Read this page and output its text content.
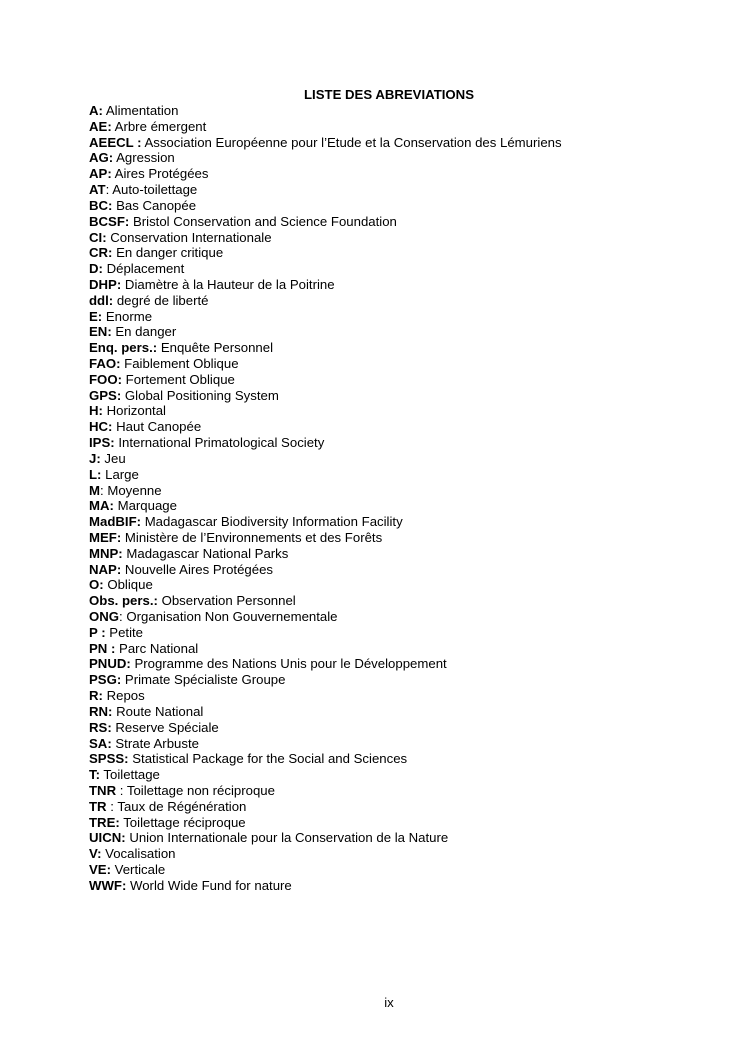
LISTE DES ABREVIATIONS
A: Alimentation
AE: Arbre émergent
AEECL : Association Européenne pour l’Etude et la Conservation des Lémuriens
AG: Agression
AP: Aires Protégées
AT: Auto-toilettage
BC: Bas Canopée
BCSF: Bristol Conservation and Science Foundation
CI: Conservation Internationale
CR: En danger critique
D: Déplacement
DHP: Diamètre à la Hauteur de la Poitrine
ddl: degré de liberté
E: Enorme
EN: En danger
Enq. pers.: Enquête Personnel
FAO: Faiblement Oblique
FOO: Fortement Oblique
GPS: Global Positioning System
H: Horizontal
HC: Haut Canopée
IPS: International Primatological Society
J: Jeu
L: Large
M: Moyenne
MA: Marquage
MadBIF: Madagascar Biodiversity Information Facility
MEF: Ministère de l’Environnements et des Forêts
MNP: Madagascar National Parks
NAP: Nouvelle Aires Protégées
O: Oblique
Obs. pers.: Observation Personnel
ONG: Organisation Non Gouvernementale
P : Petite
PN : Parc National
PNUD: Programme des Nations Unis pour le Développement
PSG: Primate Spécialiste Groupe
R: Repos
RN: Route National
RS: Reserve Spéciale
SA: Strate Arbuste
SPSS: Statistical Package for the Social and Sciences
T: Toilettage
TNR : Toilettage non réciproque
TR : Taux de Régénération
TRE: Toilettage réciproque
UICN: Union Internationale pour la Conservation de la Nature
V: Vocalisation
VE: Verticale
WWF: World Wide Fund for nature
ix
